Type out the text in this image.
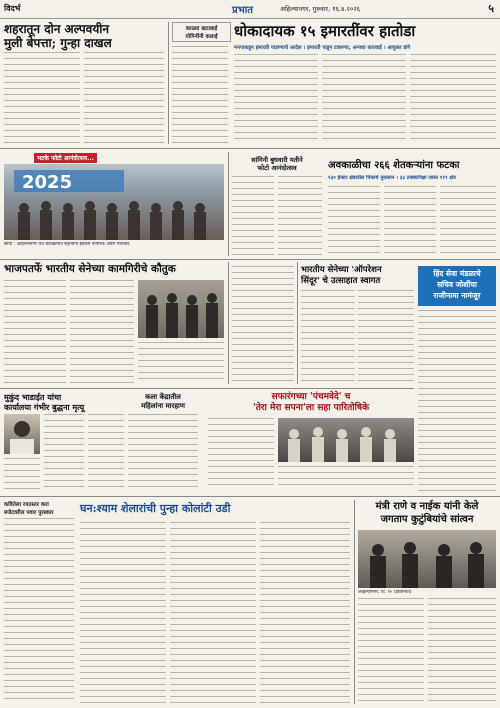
विदर्भ	प्रभात	अहिल्यानगर, गुरुवार, १६.४.२०२६	५
शहरातून दोन अल्पवयीन
मुली बेपत्ता; गुन्हा दाखल
काळ्या खटाबाई
योगिनींनी कलाई	धोकादायक १५ इमारतींवर हातोडा
मनपाकडून इमारती पाडण्याचे आदेश । इमारती पाडून टाकण्या, अन्यथा कारवाई । आयुक्त डांगे
भटके फोटो आनंदोत्सव...
2025
छाया : अहिल्यानगर येथे कार्यक्रमात सहभागी झालेले नागरिक आणि मान्यवर.
सांगिनी बुधवारी मतीने
फोटो आनंदोत्सव	अवकाळीचा २६६ शेतकऱ्यांना फटका
१३० हेक्टर क्षेत्रातील पिकाचे नुकसान । ३३ टक्क्यांपेक्षा जास्त ११९ क्षेत्र
भाजपतर्फे भारतीय सेनेच्या कामगिरीचे कौतुक	भारतीय सेनेच्या 'ऑपरेशन
सिंदूर' चे उत्साहात स्वागत
हिंद सेवा मंडळाचे
सचिव जोशींचा
राजीनामा नामंजूर
मुकुंद भाडाईत यांचा
कार्यालया गंभीर बुद्धना मृत्यू
कला केंद्रातील
महिलांना मारहाण
सफारंगच्या 'पंचमवेदे' च
'तेरा मेरा सपना'ला सहा पारितोषिके
कवितेला रयतस्तर करा
बजेटवरील पवार पुरस्कार	घन:श्याम शेलारांची पुन्हा कोलांटी उडी	मंत्री राणे व नाईक यांनी केले
जगताप कुटुंबियांचे सांत्वन
अहिल्यानगर, दि. १५ (प्रतिनिधी)
